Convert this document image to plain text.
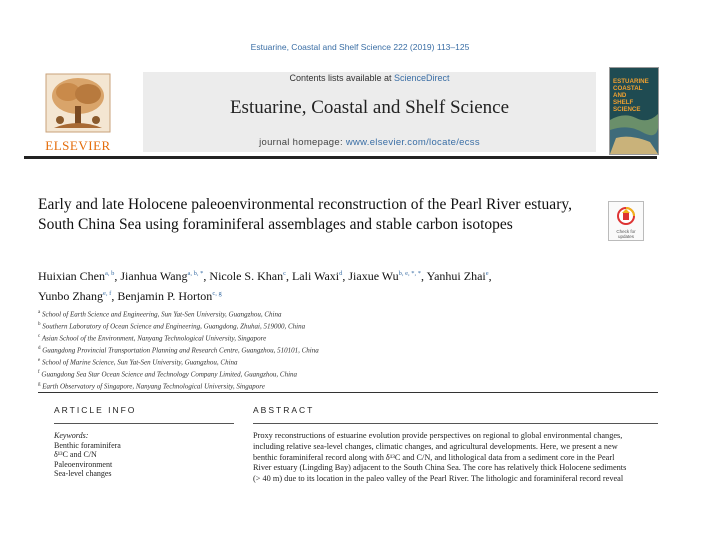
Estuarine, Coastal and Shelf Science 222 (2019) 113–125
Contents lists available at ScienceDirect
Estuarine, Coastal and Shelf Science
journal homepage: www.elsevier.com/locate/ecss
ELSEVIER
ESTUARINE
COASTAL AND
SHELF SCIENCE
Early and late Holocene paleoenvironmental reconstruction of the Pearl River estuary, South China Sea using foraminiferal assemblages and stable carbon isotopes	Check for updates
Huixian Chen$^{a, b}$, Jianhua Wang$^{a, b, *}$, Nicole S. Khan$^c$, Lali Waxi$^d$, Jiaxue $Wu^{b, e, *, *}$, Yanhui Zhai$^e$,
Yunbo Zhang$^{e, f}$, Benjamin P. Horton$^{c, g}$
$^a$ School of Earth Science and Engineering, Sun Yat-Sen University, Guangzhou, China
$^b$ Southern Laboratory of Ocean Science and Engineering, Guangdong, Zhuhai, 519000, China
$^c$ Asian School of the Environment, Nanyang Technological University, Singapore
$^d$ Guangdong Provincial Transportation Planning and Research Centre, Guangzhou, 510101, China
$^e$ School of Marine Science, Sun Yat-Sen University, Guangzhou, China
$^f$ Guangdong Sea Star Ocean Science and Technology Company Limited, Guangzhou, China
$^g$ Earth Observatory of Singapore, Nanyang Technological University, Singapore
ARTICLE INFO	ABSTRACT
Keywords:
Benthic foraminifera
δ¹³C and C/N
Paleoenvironment
Sea-level changes

Proxy reconstructions of estuarine evolution provide perspectives on regional to global environmental changes,

including relative sea-level changes, climatic changes, and agricultural developments. Here, we present a new

benthic foraminiferal record along with δ¹³C and C/N, and lithological data from a sediment core in the Pearl

River estuary (Lingding Bay) adjacent to the South China Sea. The core has relatively thick Holocene sediments

(> 40 m) due to its location in the paleo valley of the Pearl River. The lithologic and foraminiferal record reveal
